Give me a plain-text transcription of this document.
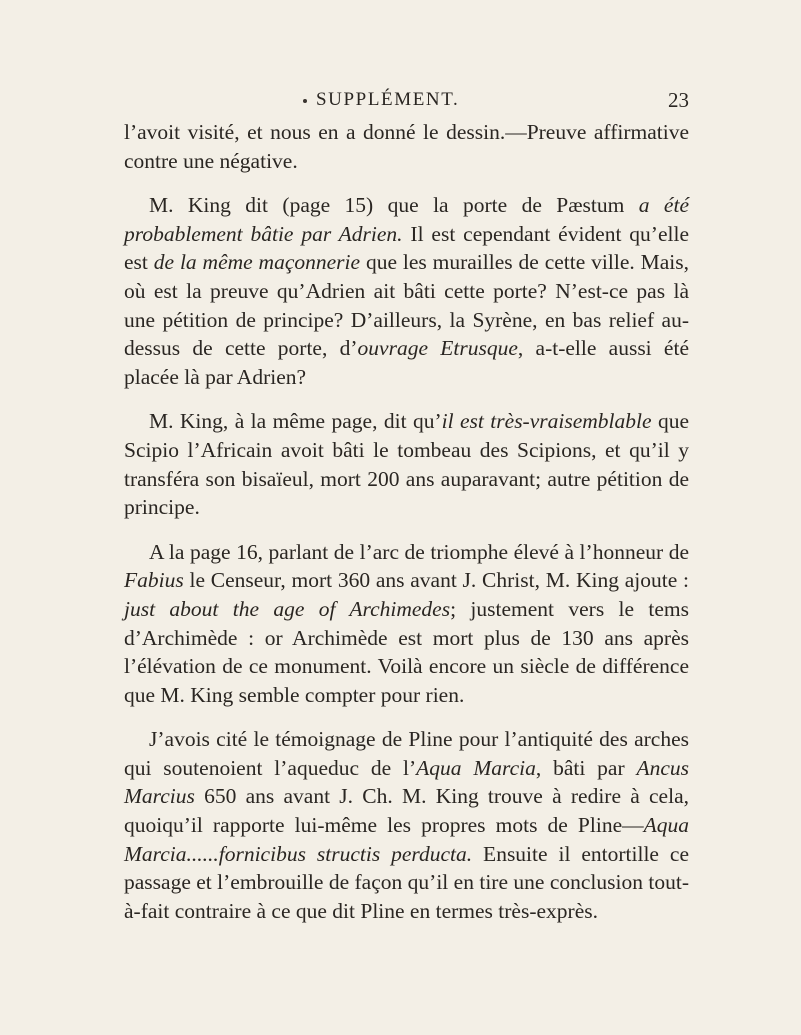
SUPPLÉMENT.	23

l’avoit visité, et nous en a donné le dessin.—Preuve affirmative contre une négative.

M. King dit (page 15) que la porte de Pæstum a été probablement bâtie par Adrien. Il est cependant évident qu’elle est de la même maçonnerie que les murailles de cette ville. Mais, où est la preuve qu’Adrien ait bâti cette porte? N’est-ce pas là une pétition de principe? D’ailleurs, la Syrène, en bas relief au-dessus de cette porte, d’ouvrage Etrusque, a-t-elle aussi été placée là par Adrien?

M. King, à la même page, dit qu’il est très-vraisemblable que Scipio l’Africain avoit bâti le tombeau des Scipions, et qu’il y transféra son bisaïeul, mort 200 ans auparavant; autre pétition de principe.

A la page 16, parlant de l’arc de triomphe élevé à l’honneur de Fabius le Censeur, mort 360 ans avant J. Christ, M. King ajoute : just about the age of Archimedes; justement vers le tems d’Archimède : or Archimède est mort plus de 130 ans après l’élévation de ce monument. Voilà encore un siècle de différence que M. King semble compter pour rien.

J’avois cité le témoignage de Pline pour l’antiquité des arches qui soutenoient l’aqueduc de l’Aqua Marcia, bâti par Ancus Marcius 650 ans avant J. Ch. M. King trouve à redire à cela, quoiqu’il rapporte lui-même les propres mots de Pline—Aqua Marcia......fornicibus structis perducta. Ensuite il entortille ce passage et l’embrouille de façon qu’il en tire une conclusion tout-à-fait contraire à ce que dit Pline en termes très-exprès.
